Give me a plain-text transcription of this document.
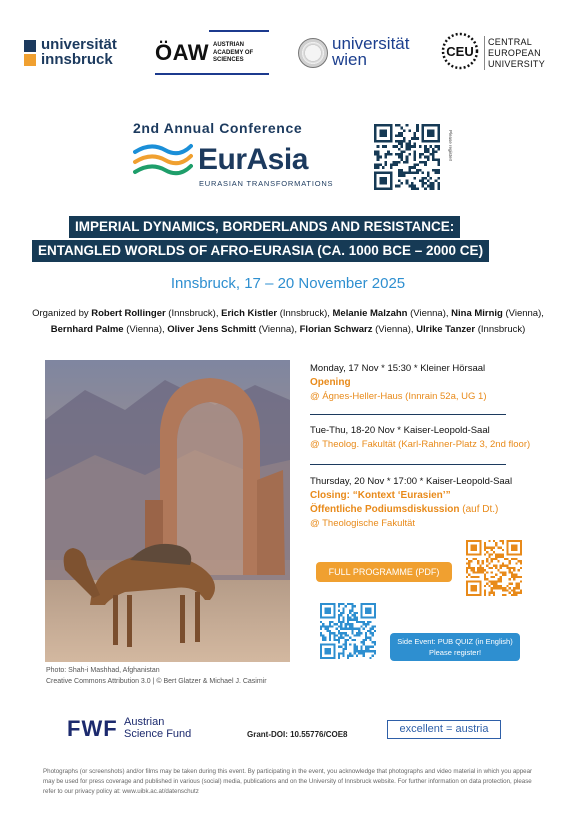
universität
innsbruck ÖAW AUSTRIAN
ACADEMY OF
SCIENCES
universität
wien	CEU
CENTRAL
EUROPEAN
UNIVERSITY
2nd Annual Conference
EurAsia
EURASIAN TRANSFORMATIONS
Please register!
IMPERIAL DYNAMICS, BORDERLANDS AND RESISTANCE:
ENTANGLED WORLDS OF AFRO-EURASIA (CA. 1000 BCE – 2000 CE)
Innsbruck, 17 – 20 November 2025
Organized by Robert Rollinger (Innsbruck), Erich Kistler (Innsbruck), Melanie Malzahn (Vienna), Nina Mirnig (Vienna),
Bernhard Palme (Vienna), Oliver Jens Schmitt (Vienna), Florian Schwarz (Vienna), Ulrike Tanzer (Innsbruck)
Photo: Shah-i Mashhad, Afghanistan
Creative Commons Attribution 3.0 | © Bert Glatzer & Michael J. Casimir
Monday, 17 Nov * 15:30 * Kleiner Hörsaal
Opening
@ Ágnes-Heller-Haus (Innrain 52a, UG 1)
Tue-Thu, 18-20 Nov * Kaiser-Leopold-Saal
@ Theolog. Fakultät (Karl-Rahner-Platz 3, 2nd floor)
Thursday, 20 Nov * 17:00 * Kaiser-Leopold-Saal
Closing: “Kontext ‘Eurasien’”
Öffentliche Podiumsdiskussion (auf Dt.)
@ Theologische Fakultät
FULL PROGRAMME (PDF)
Side Event: PUB QUIZ (in English)
Please register!
FWF Austrian
Science Fund	Grant-DOI: 10.55776/COE8	excellent = austria
Photographs (or screenshots) and/or films may be taken during this event. By participating in the event, you acknowledge that photographs and video material in which you appear may be used for press coverage and published in various (social) media, publications and on the University of Innsbruck website. For further information on data protection, please refer to our privacy policy at: www.uibk.ac.at/datenschutz
